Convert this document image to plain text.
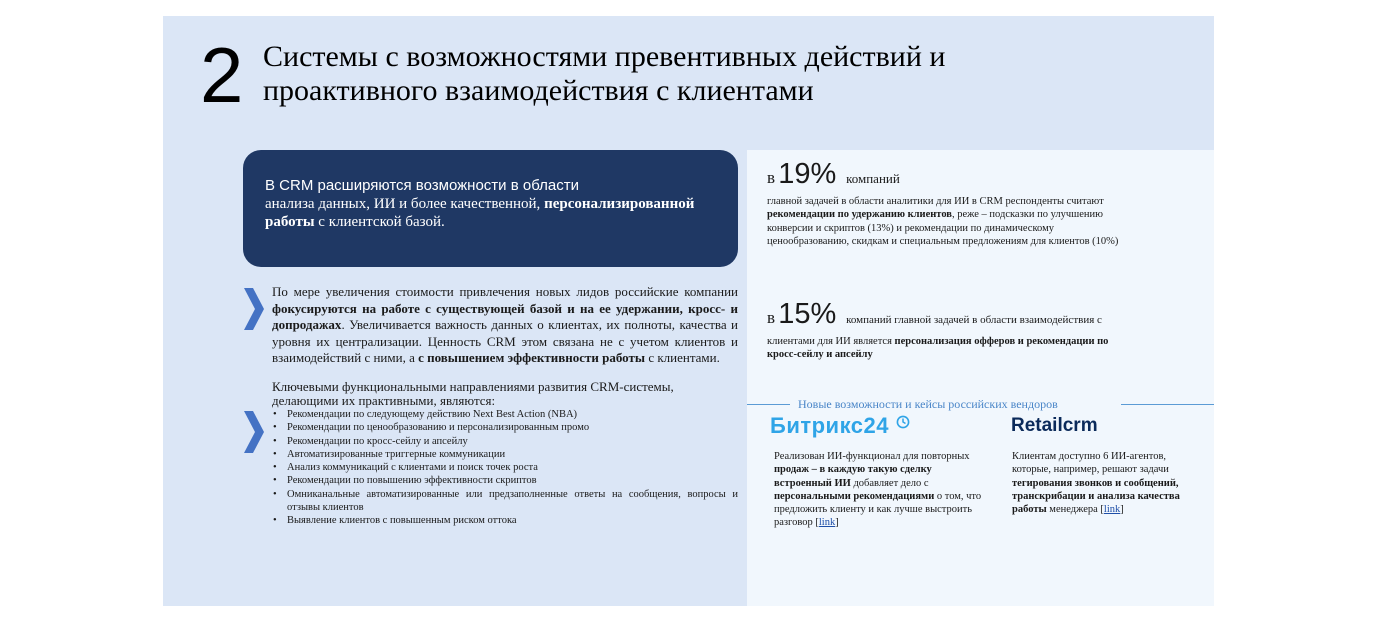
2 Системы с возможностями превентивных действий и проактивного взаимодействия с клиентами
В CRM расширяются возможности в области
анализа данных, ИИ и более качественной, персонализированной работы с клиентской базой.
По мере увеличения стоимости привлечения новых лидов российские компании фокусируются на работе с существующей базой и на ее удержании, кросс- и допродажах. Увеличивается важность данных о клиентах, их полноты, качества и уровня их централизации. Ценность CRM этом связана не с учетом клиентов и взаимодействий с ними, а с повышением эффективности работы с клиентами.
Ключевыми функциональными направлениями развития CRM-системы, делающими их практивными, являются:
• Рекомендации по следующему действию Next Best Action (NBA)
• Рекомендации по ценообразованию и персонализированным промо
• Рекомендации по кросс-сейлу и апсейлу
• Автоматизированные триггерные коммуникации
• Анализ коммуникаций с клиентами и поиск точек роста
• Рекомендации по повышению эффективности скриптов
• Омниканальные автоматизированные или предзаполненные ответы на сообщения, вопросы и отзывы клиентов
• Выявление клиентов с повышенным риском оттока
в 19% компаний
главной задачей в области аналитики для ИИ в CRM респонденты считают рекомендации по удержанию клиентов, реже – подсказки по улучшению конверсии и скриптов (13%) и рекомендации по динамическому ценообразованию, скидкам и специальным предложениям для клиентов (10%)
в 15% компаний главной задачей в области взаимодействия с
клиентами для ИИ является персонализация офферов и рекомендации по кросс-сейлу и апсейлу
Новые возможности и кейсы российских вендоров
Битрикс24	Retailcrm
Реализован ИИ-функционал для повторных продаж – в каждую такую сделку встроенный ИИ добавляет дело с персональными рекомендациями о том, что предложить клиенту и как лучше выстроить разговор [link]
Клиентам доступно 6 ИИ-агентов, которые, например, решают задачи тегирования звонков и сообщений, транскрибации и анализа качества работы менеджера [link]
